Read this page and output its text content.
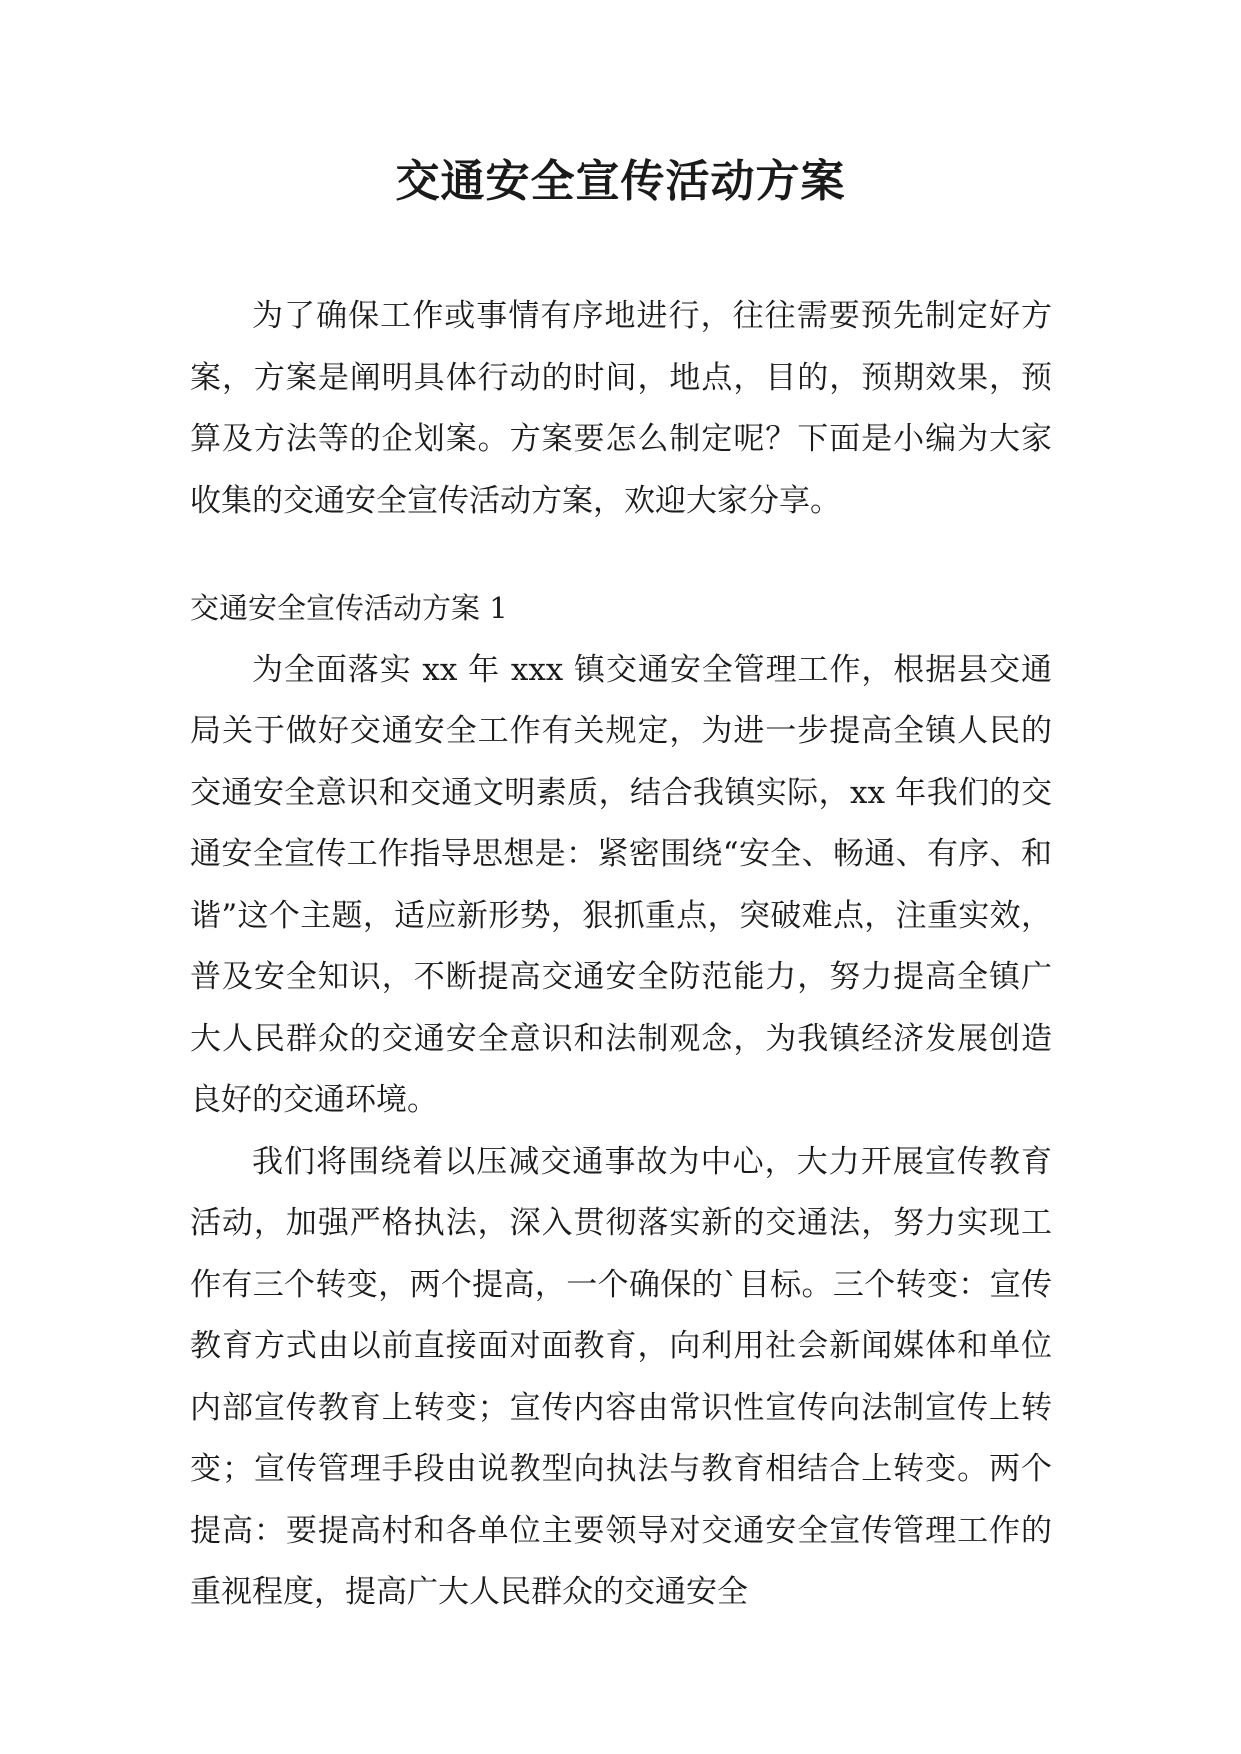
交通安全宣传活动方案

为了确保工作或事情有序地进行，往往需要预先制定好方案，方案是阐明具体行动的时间，地点，目的，预期效果，预算及方法等的企划案。方案要怎么制定呢？下面是小编为大家收集的交通安全宣传活动方案，欢迎大家分享。

交通安全宣传活动方案 1

为全面落实 xx 年 xxx 镇交通安全管理工作，根据县交通局关于做好交通安全工作有关规定，为进一步提高全镇人民的交通安全意识和交通文明素质，结合我镇实际，xx 年我们的交通安全宣传工作指导思想是：紧密围绕“安全、畅通、有序、和谐”这个主题，适应新形势，狠抓重点，突破难点，注重实效，普及安全知识，不断提高交通安全防范能力，努力提高全镇广大人民群众的交通安全意识和法制观念，为我镇经济发展创造良好的交通环境。

我们将围绕着以压减交通事故为中心，大力开展宣传教育活动，加强严格执法，深入贯彻落实新的交通法，努力实现工作有三个转变，两个提高，一个确保的`目标。三个转变：宣传教育方式由以前直接面对面教育，向利用社会新闻媒体和单位内部宣传教育上转变；宣传内容由常识性宣传向法制宣传上转变；宣传管理手段由说教型向执法与教育相结合上转变。两个提高：要提高村和各单位主要领导对交通安全宣传管理工作的重视程度，提高广大人民群众的交通安全
